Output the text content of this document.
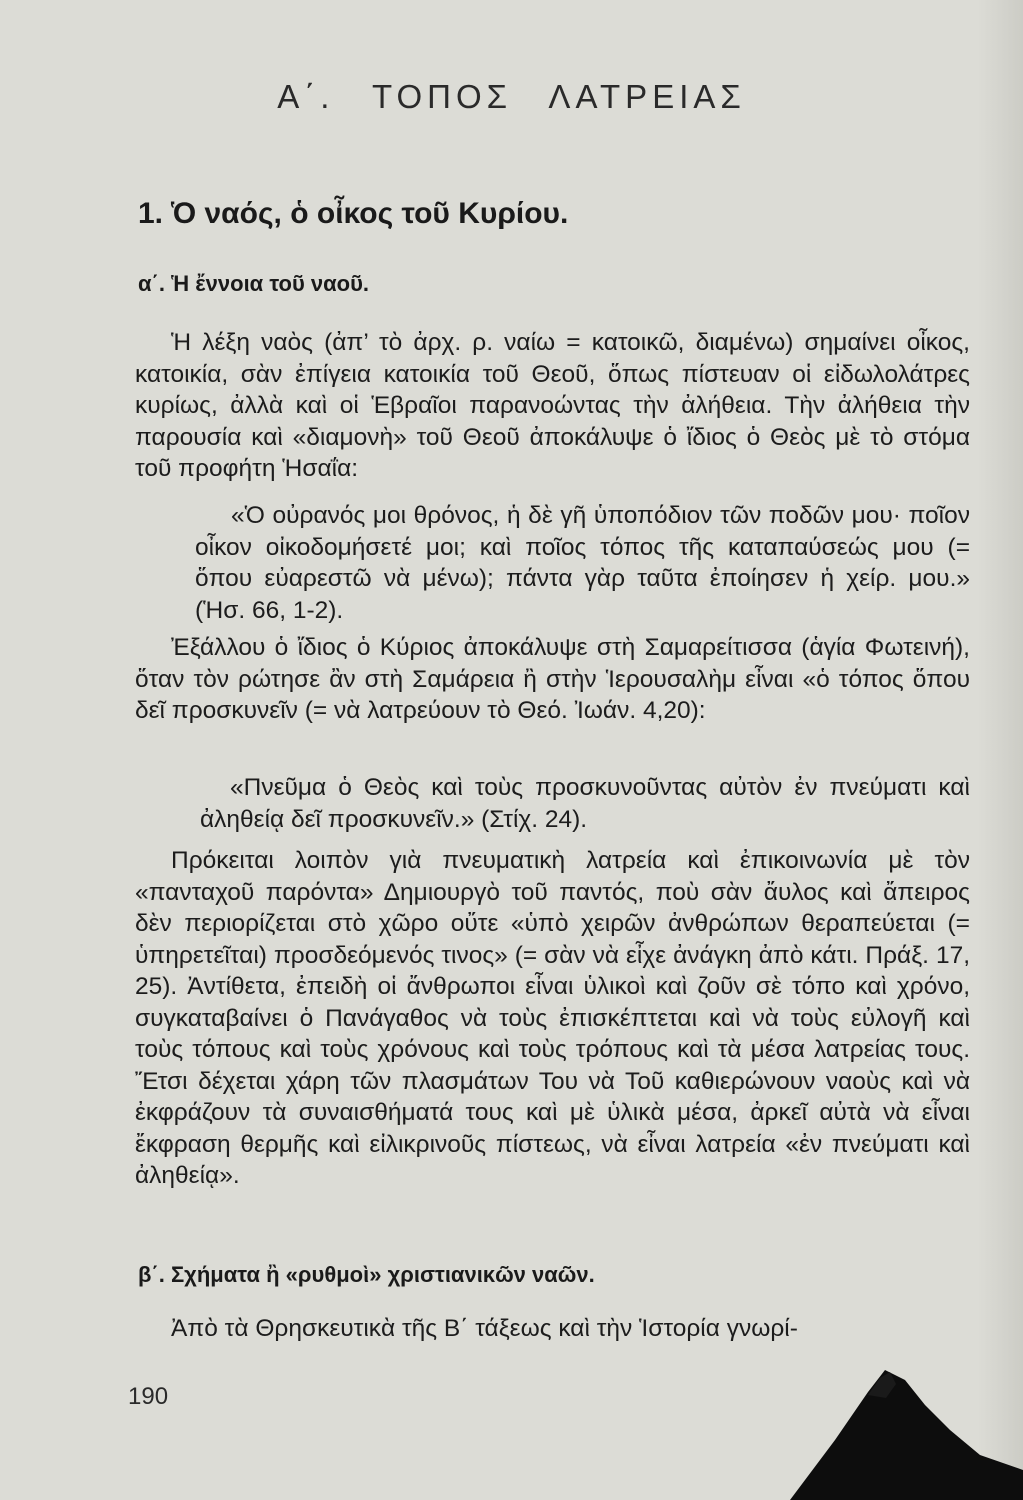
Α΄. ΤΟΠΟΣ ΛΑΤΡΕΙΑΣ
1. Ὁ ναός, ὁ οἶκος τοῦ Κυρίου.
α΄. Ἡ ἔννοια τοῦ ναοῦ.

Ἡ λέξη ναὸς (ἀπ’ τὸ ἀρχ. ρ. ναίω = κατοικῶ, διαμένω) σημαίνει οἶκος, κατοικία, σὰν ἐπίγεια κατοικία τοῦ Θεοῦ, ὅπως πίστευαν οἱ εἰδωλολάτρες κυρίως, ἀλλὰ καὶ οἱ Ἑβραῖοι παρανοώντας τὴν ἀλήθεια. Τὴν ἀλήθεια τὴν παρουσία καὶ «διαμονὴ» τοῦ Θεοῦ ἀποκάλυψε ὁ ἴδιος ὁ Θεὸς μὲ τὸ στόμα τοῦ προφήτη Ἡσαΐα:

«Ὁ οὐρανός μοι θρόνος, ἡ δὲ γῆ ὑποπόδιον τῶν ποδῶν μου· ποῖον οἶκον οἰκοδομήσετέ μοι; καὶ ποῖος τόπος τῆς καταπαύσεώς μου (= ὅπου εὐαρεστῶ νὰ μένω); πάντα γὰρ ταῦτα ἐποίησεν ἡ χείρ. μου.» (Ἡσ. 66, 1-2).

Ἐξάλλου ὁ ἴδιος ὁ Κύριος ἀποκάλυψε στὴ Σαμαρείτισσα (ἁγία Φωτεινή), ὅταν τὸν ρώτησε ἂν στὴ Σαμάρεια ἢ στὴν Ἱερουσαλὴμ εἶναι «ὁ τόπος ὅπου δεῖ προσκυνεῖν (= νὰ λατρεύουν τὸ Θεό. Ἰωάν. 4,20):

«Πνεῦμα ὁ Θεὸς καὶ τοὺς προσκυνοῦντας αὐτὸν ἐν πνεύματι καὶ ἀληθείᾳ δεῖ προσκυνεῖν.» (Στίχ. 24).

Πρόκειται λοιπὸν γιὰ πνευματικὴ λατρεία καὶ ἐπικοινωνία μὲ τὸν «πανταχοῦ παρόντα» Δημιουργὸ τοῦ παντός, ποὺ σὰν ἄυλος καὶ ἄπειρος δὲν περιορίζεται στὸ χῶρο οὔτε «ὑπὸ χειρῶν ἀνθρώπων θεραπεύεται (= ὑπηρετεῖται) προσδεόμενός τινος» (= σὰν νὰ εἶχε ἀνάγκη ἀπὸ κάτι. Πράξ. 17, 25). Ἀντίθετα, ἐπειδὴ οἱ ἄνθρωποι εἶναι ὑλικοὶ καὶ ζοῦν σὲ τόπο καὶ χρόνο, συγκαταβαίνει ὁ Πανάγαθος νὰ τοὺς ἐπισκέπτεται καὶ νὰ τοὺς εὐλογῆ καὶ τοὺς τόπους καὶ τοὺς χρόνους καὶ τοὺς τρόπους καὶ τὰ μέσα λατρείας τους. Ἔτσι δέχεται χάρη τῶν πλασμάτων Του νὰ Τοῦ καθιερώνουν ναοὺς καὶ νὰ ἐκφράζουν τὰ συναισθήματά τους καὶ μὲ ὑλικὰ μέσα, ἀρκεῖ αὐτὰ νὰ εἶναι ἔκφραση θερμῆς καὶ εἰλικρινοῦς πίστεως, νὰ εἶναι λατρεία «ἐν πνεύματι καὶ ἀληθείᾳ».

β΄. Σχήματα ἢ «ρυθμοὶ» χριστιανικῶν ναῶν.

Ἀπὸ τὰ Θρησκευτικὰ τῆς Β΄ τάξεως καὶ τὴν Ἱστορία γνωρί-

190
